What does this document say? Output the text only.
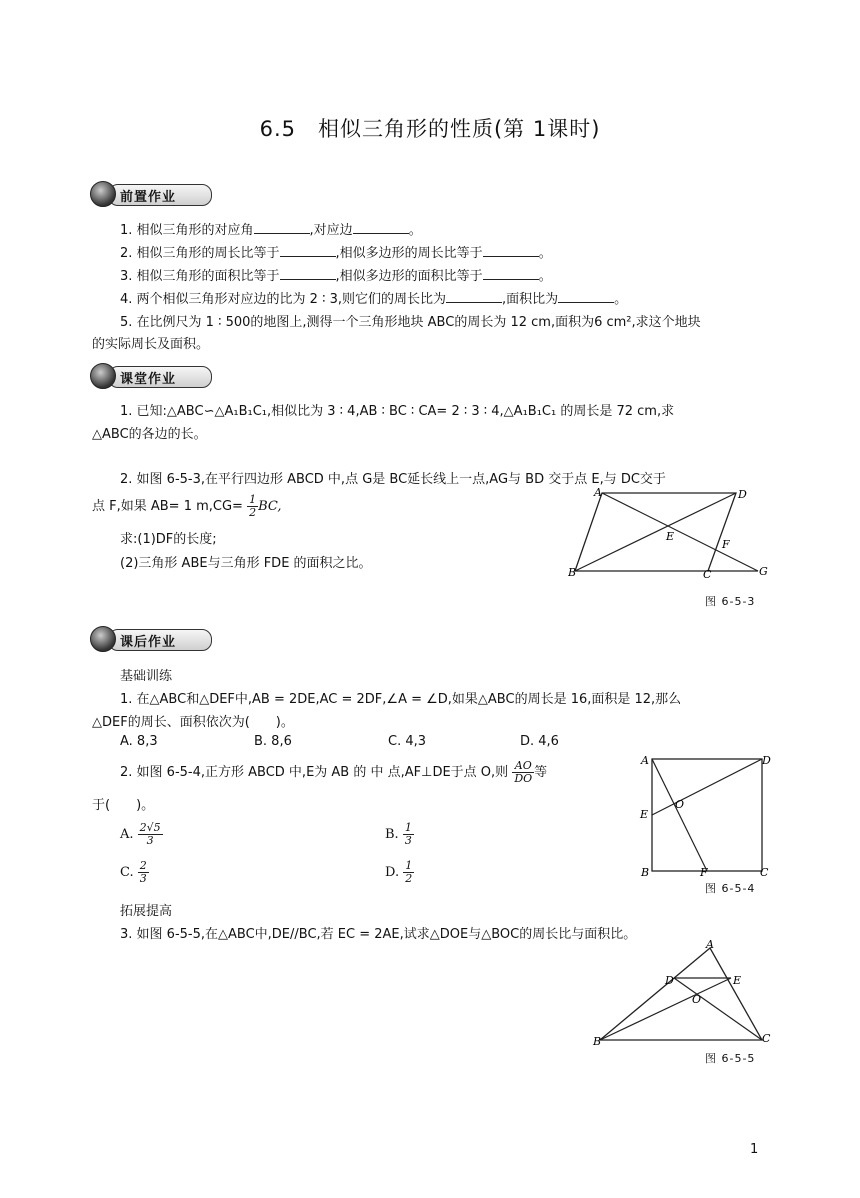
6.5　相似三角形的性质(第 1课时)
前置作业
1. 相似三角形的对应角	,对应边	。
2. 相似三角形的周长比等于	,相似多边形的周长比等于	。
3. 相似三角形的面积比等于	,相似多边形的面积比等于	。
4. 两个相似三角形对应边的比为 2 ∶ 3,则它们的周长比为	,面积比为	。
5. 在比例尺为 1 ∶ 500的地图上,测得一个三角形地块 ABC的周长为 12 cm,面积为6 cm²,求这个地块
的实际周长及面积。
课堂作业
1. 已知:△ABC∽△A₁B₁C₁,相似比为 3 ∶ 4,AB ∶ BC ∶ CA= 2 ∶ 3 ∶ 4,△A₁B₁C₁ 的周长是 72 cm,求
△ABC的各边的长。
2. 如图 6-5-3,在平行四边形 ABCD 中,点 G是 BC延长线上一点,AG与 BD 交于点 E,与 DC交于
点 F,如果 AB= 1 $m,CG= \frac{1}{2}$ BC,
求:(1)DF的长度;
(2)三角形 ABE与三角形 FDE 的面积之比。
A	D
E
F
B	C	G
图 6-5-3
课后作业
基础训练
1. 在△ABC和△DEF中,AB = 2DE,AC = 2DF,∠A = ∠D,如果△ABC的周长是 16,面积是 12,那么
△DEF的周长、面积依次为(　　)。
A. 8,3	B. 8,6	C. 4,3	D. 4,6
2. 如图 6-5-4,正方形 ABCD 中,E为 AB 的 中 点,AF⊥DE于点 O,则 $\frac{AO}{DO}$ 等
于(　　)。
A. $\frac{2√5}{3}$	B. $\frac{1}{3}$
C. $\frac{2}{3}$	D. $\frac{1}{2}$
A	D
E
O
B	F	C
图 6-5-4
拓展提高
3. 如图 6-5-5,在△ABC中,DE//BC,若 EC = 2AE,试求△DOE与△BOC的周长比与面积比。
A
D	E
O
B	C
图 6-5-5
1
